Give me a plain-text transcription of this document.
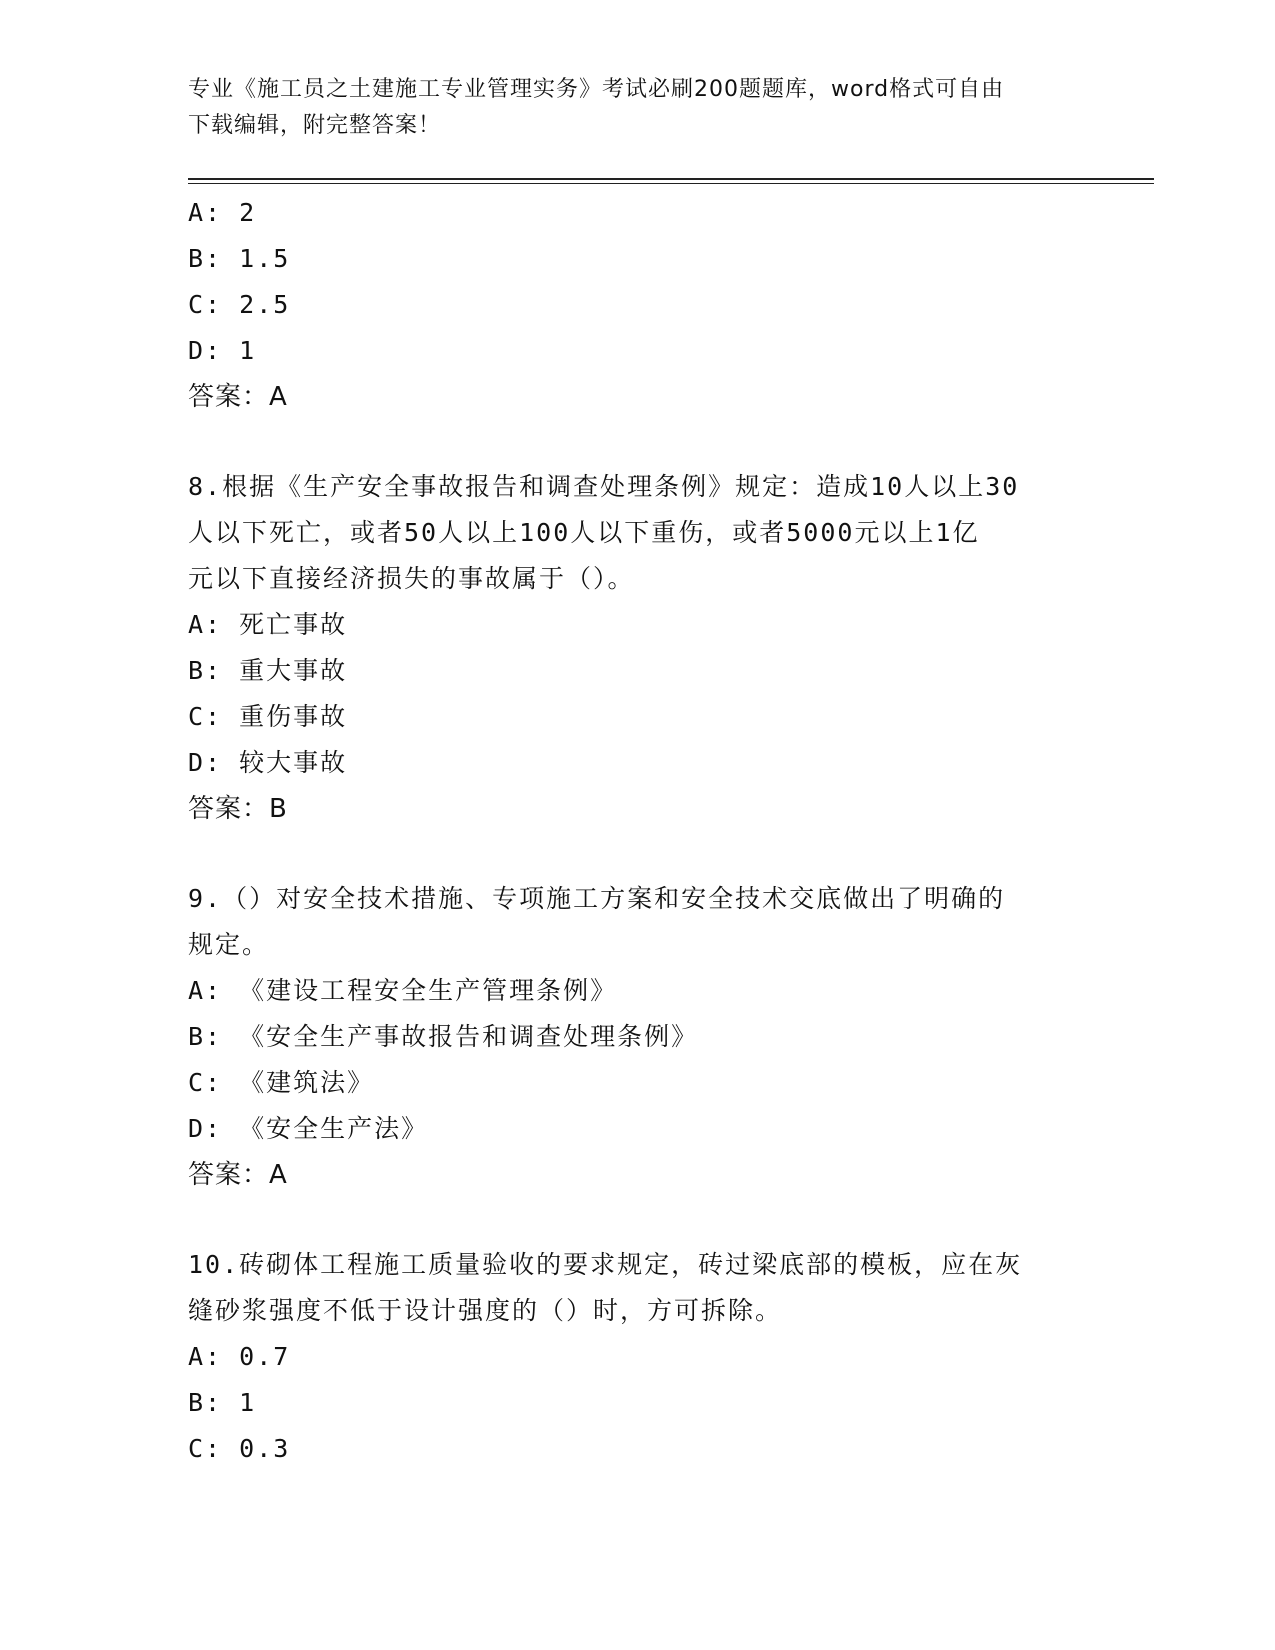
专业《施工员之土建施工专业管理实务》考试必刷200题题库，word格式可自由
下载编辑，附完整答案！
A: 2
B: 1.5
C: 2.5
D: 1
答案：A
8.根据《生产安全事故报告和调查处理条例》规定：造成10人以上30
人以下死亡，或者50人以上100人以下重伤，或者5000元以上1亿
元以下直接经济损失的事故属于（）。
A: 死亡事故
B: 重大事故
C: 重伤事故
D: 较大事故
答案：B
9.（）对安全技术措施、专项施工方案和安全技术交底做出了明确的
规定。
A: 《建设工程安全生产管理条例》
B: 《安全生产事故报告和调查处理条例》
C: 《建筑法》
D: 《安全生产法》
答案：A
10.砖砌体工程施工质量验收的要求规定，砖过梁底部的模板，应在灰
缝砂浆强度不低于设计强度的（）时，方可拆除。
A: 0.7
B: 1
C: 0.3
